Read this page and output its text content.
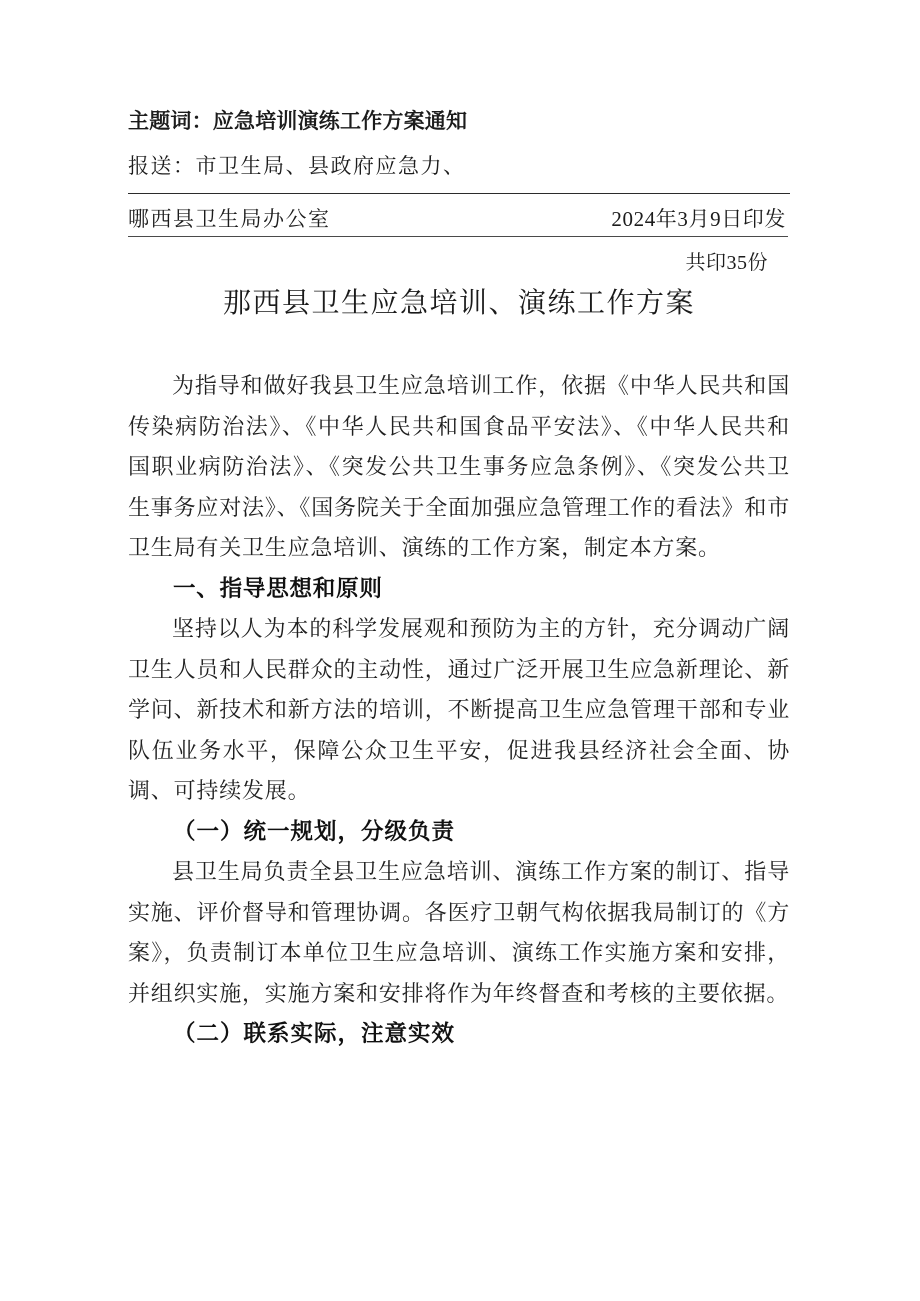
主题词：应急培训演练工作方案通知
报送：市卫生局、县政府应急力、
哪西县卫生局办公室	2024年3月9日印发
共印35份
那西县卫生应急培训、演练工作方案

为指导和做好我县卫生应急培训工作，依据《中华人民共和国传染病防治法》、《中华人民共和国食品平安法》、《中华人民共和国职业病防治法》、《突发公共卫生事务应急条例》、《突发公共卫生事务应对法》、《国务院关于全面加强应急管理工作的看法》和市卫生局有关卫生应急培训、演练的工作方案，制定本方案。

一、指导思想和原则

坚持以人为本的科学发展观和预防为主的方针，充分调动广阔卫生人员和人民群众的主动性，通过广泛开展卫生应急新理论、新学问、新技术和新方法的培训，不断提高卫生应急管理干部和专业队伍业务水平，保障公众卫生平安，促进我县经济社会全面、协调、可持续发展。

（一）统一规划，分级负责

县卫生局负责全县卫生应急培训、演练工作方案的制订、指导实施、评价督导和管理协调。各医疗卫朝气构依据我局制订的《方案》，负责制订本单位卫生应急培训、演练工作实施方案和安排，并组织实施，实施方案和安排将作为年终督查和考核的主要依据。

（二）联系实际，注意实效
